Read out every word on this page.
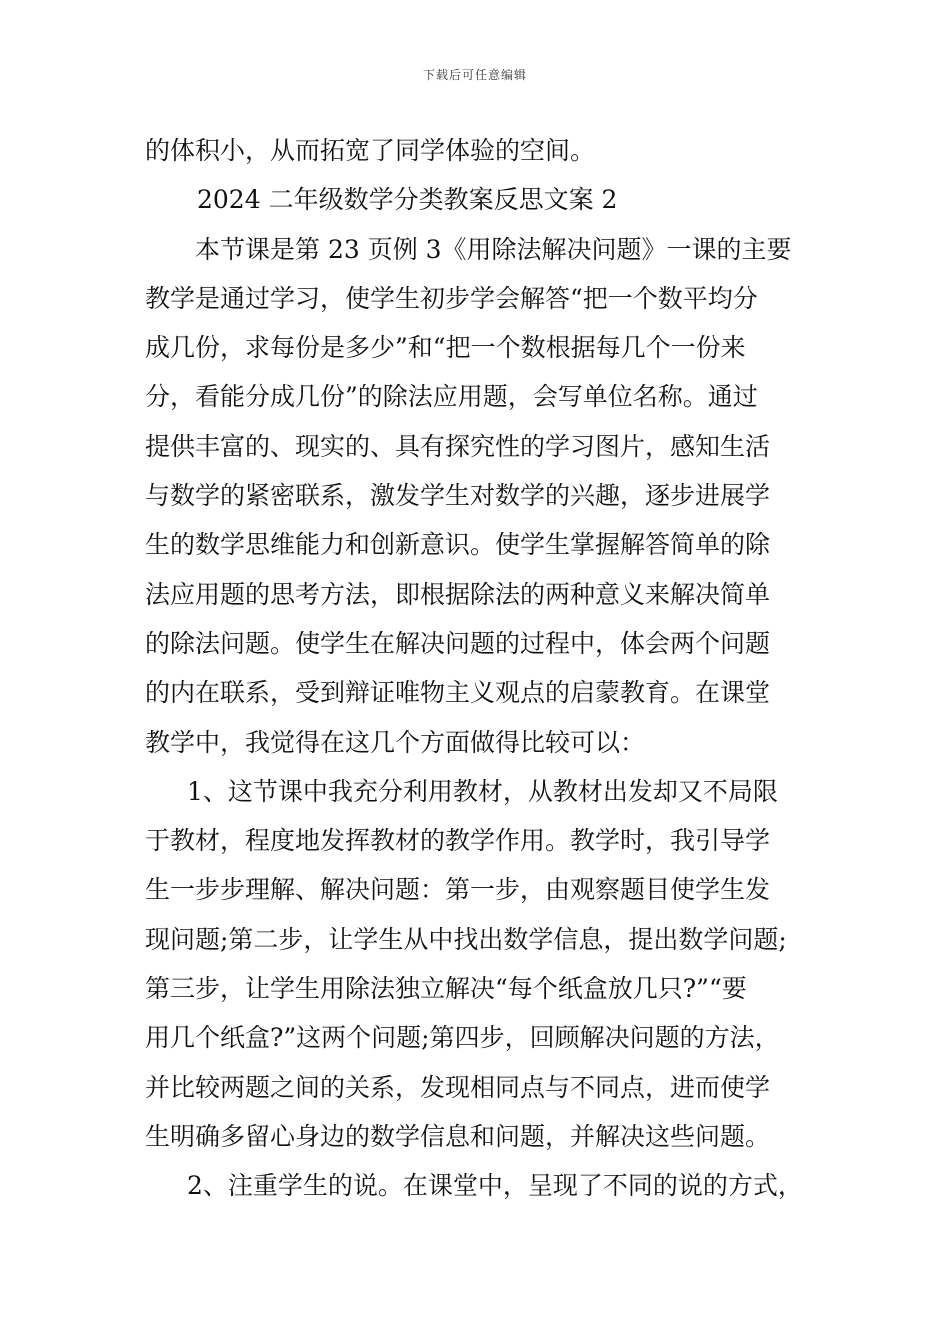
下载后可任意编辑
的体积小，从而拓宽了同学体验的空间。
2024 二年级数学分类教案反思文案 2
本节课是第 23 页例 3《用除法解决问题》一课的主要
教学是通过学习，使学生初步学会解答“把一个数平均分
成几份，求每份是多少”和“把一个数根据每几个一份来
分，看能分成几份”的除法应用题，会写单位名称。通过
提供丰富的、现实的、具有探究性的学习图片，感知生活
与数学的紧密联系，激发学生对数学的兴趣，逐步进展学
生的数学思维能力和创新意识。使学生掌握解答简单的除
法应用题的思考方法，即根据除法的两种意义来解决简单
的除法问题。使学生在解决问题的过程中，体会两个问题
的内在联系，受到辩证唯物主义观点的启蒙教育。在课堂
教学中，我觉得在这几个方面做得比较可以：
1、这节课中我充分利用教材，从教材出发却又不局限
于教材，程度地发挥教材的教学作用。教学时，我引导学
生一步步理解、解决问题：第一步，由观察题目使学生发
现问题;第二步，让学生从中找出数学信息，提出数学问题;
第三步，让学生用除法独立解决“每个纸盒放几只?”“要
用几个纸盒?”这两个问题;第四步，回顾解决问题的方法，
并比较两题之间的关系，发现相同点与不同点，进而使学
生明确多留心身边的数学信息和问题，并解决这些问题。
2、注重学生的说。在课堂中，呈现了不同的说的方式，
